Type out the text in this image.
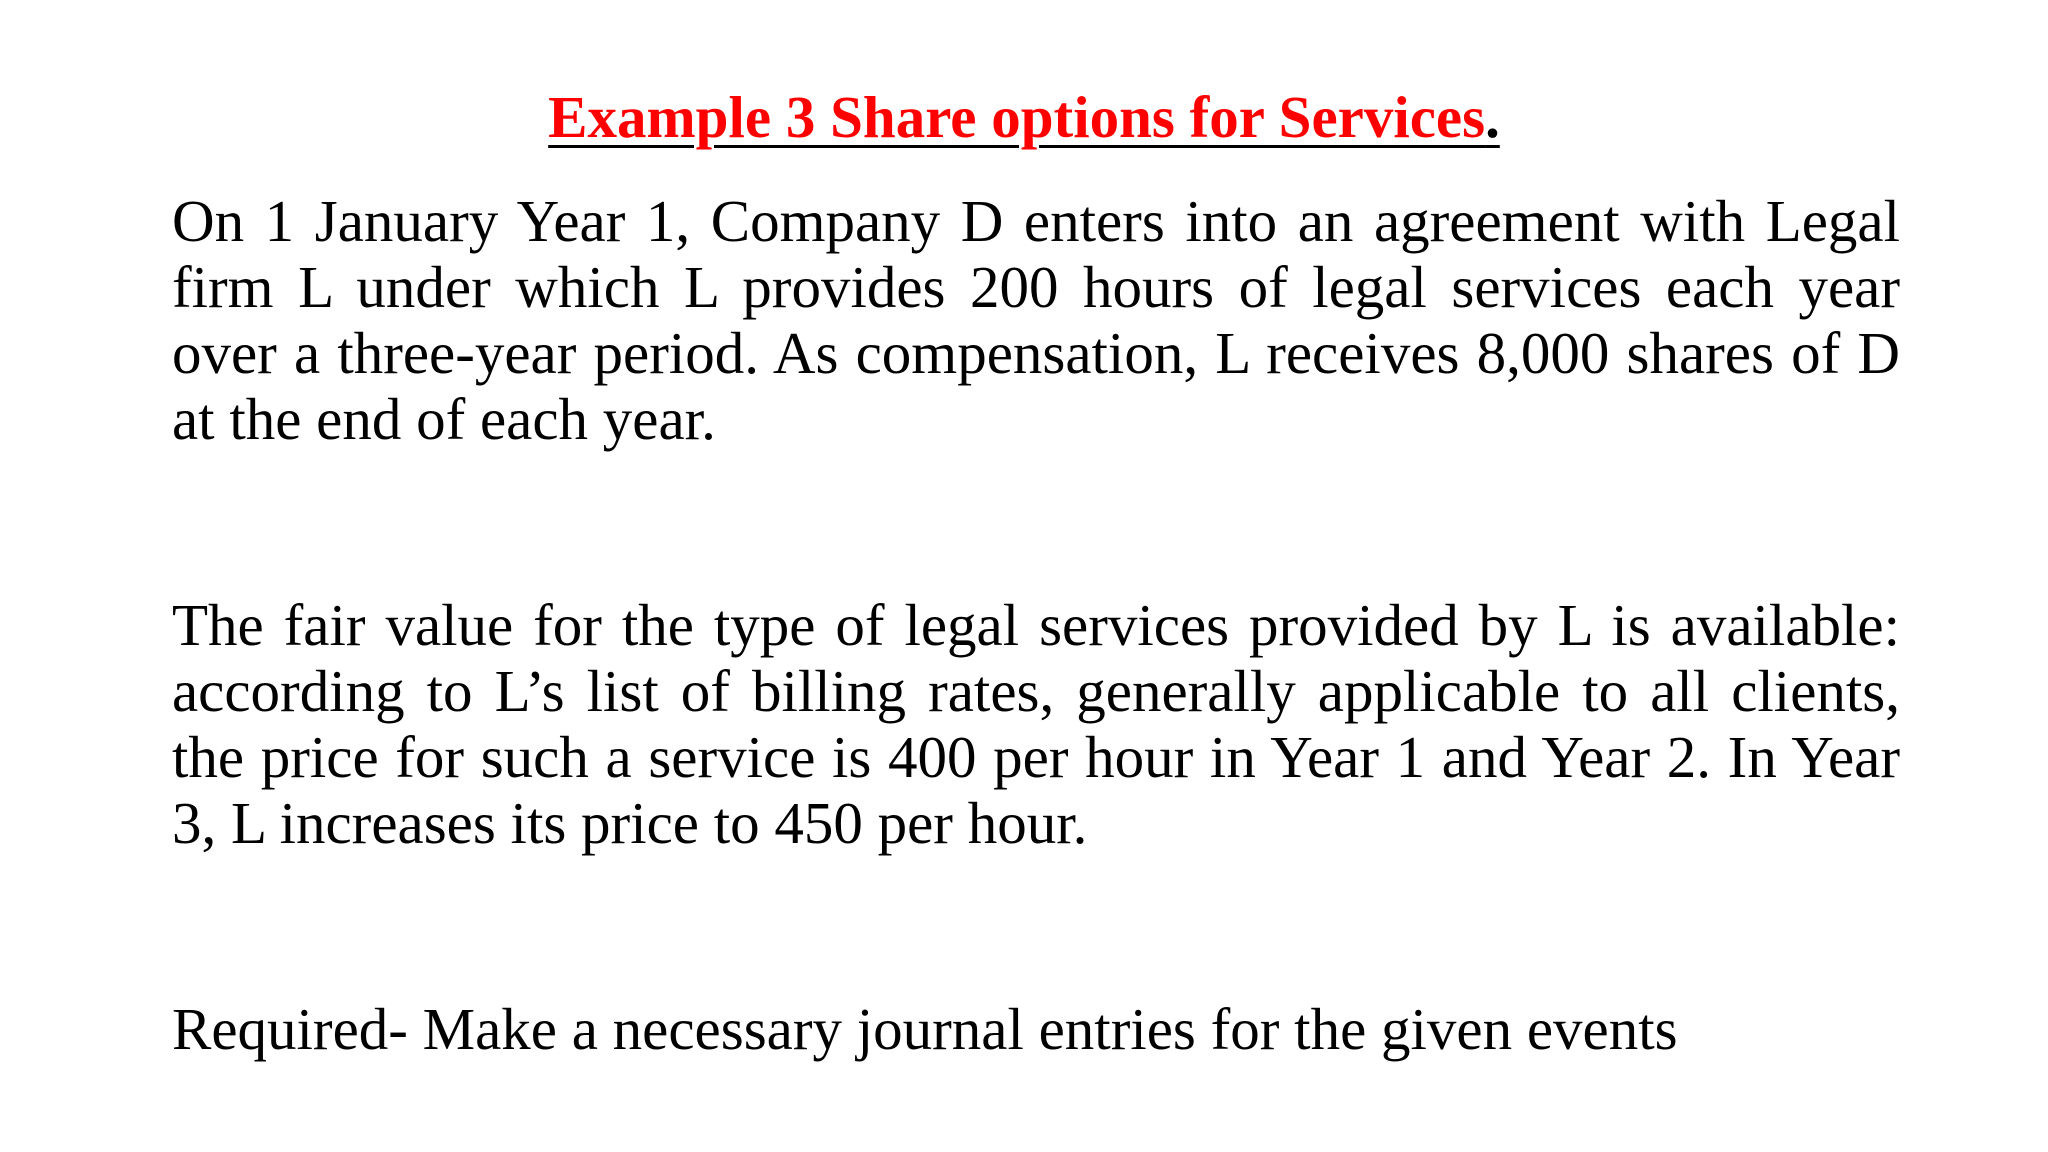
Example 3 Share options for Services.

On 1 January Year 1, Company D enters into an agreement with Legal firm L under which L provides 200 hours of legal services each year over a three-year period. As compensation, L receives 8,000 shares of D at the end of each year.

The fair value for the type of legal services provided by L is available: according to L’s list of billing rates, generally applicable to all clients, the price for such a service is 400 per hour in Year 1 and Year 2. In Year 3, L increases its price to 450 per hour.

Required- Make a necessary journal entries for the given events
